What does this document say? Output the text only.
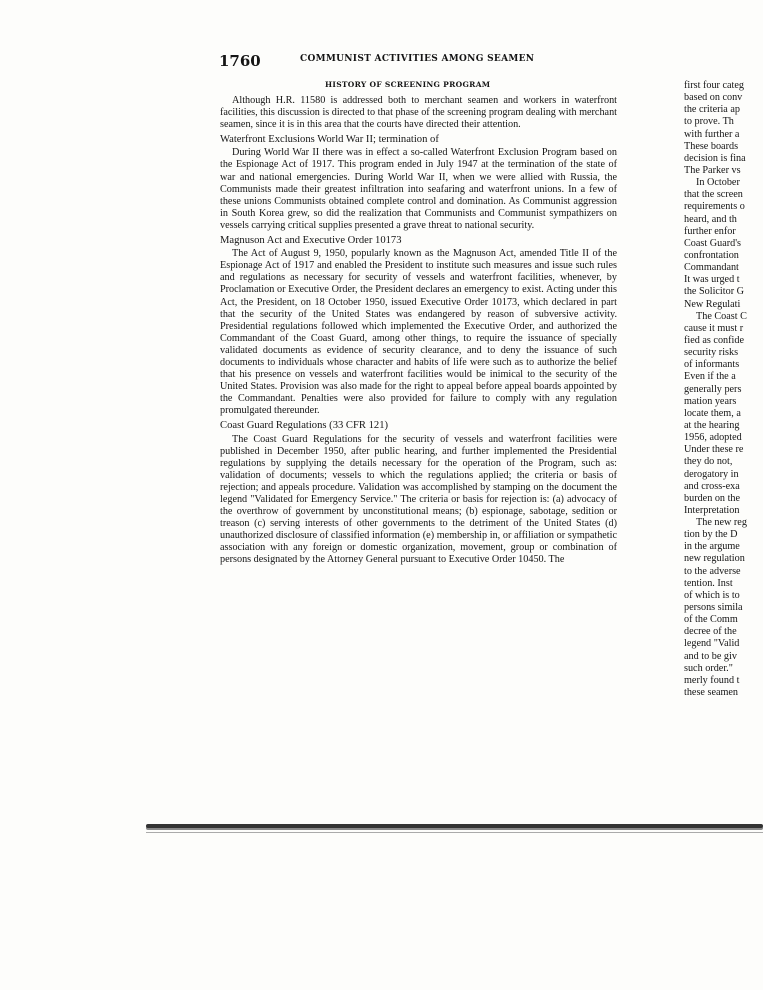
1760	COMMUNIST ACTIVITIES AMONG SEAMEN
HISTORY OF SCREENING PROGRAM

Although H.R. 11580 is addressed both to merchant seamen and workers in waterfront facilities, this discussion is directed to that phase of the screening program dealing with merchant seamen, since it is in this area that the courts have directed their attention.

Waterfront Exclusions World War II; termination of

During World War II there was in effect a so-called Waterfront Exclusion Program based on the Espionage Act of 1917. This program ended in July 1947 at the termination of the state of war and national emergencies. During World War II, when we were allied with Russia, the Communists made their greatest infiltration into seafaring and waterfront unions. In a few of these unions Communists obtained complete control and domination. As Communist aggression in South Korea grew, so did the realization that Communists and Communist sympathizers on vessels carrying critical supplies presented a grave threat to national security.

Magnuson Act and Executive Order 10173

The Act of August 9, 1950, popularly known as the Magnuson Act, amended Title II of the Espionage Act of 1917 and enabled the President to institute such measures and issue such rules and regulations as necessary for security of vessels and waterfront facilities, whenever, by Proclamation or Executive Order, the President declares an emergency to exist. Acting under this Act, the President, on 18 October 1950, issued Executive Order 10173, which declared in part that the security of the United States was endangered by reason of subversive activity. Presidential regulations followed which implemented the Executive Order, and authorized the Commandant of the Coast Guard, among other things, to require the issuance of specially validated documents as evidence of security clearance, and to deny the issuance of such documents to individuals whose character and habits of life were such as to authorize the belief that his presence on vessels and waterfront facilities would be inimical to the security of the United States. Provision was also made for the right to appeal before appeal boards appointed by the Commandant. Penalties were also provided for failure to comply with any regulation promulgated thereunder.

Coast Guard Regulations (33 CFR 121)

The Coast Guard Regulations for the security of vessels and waterfront facilities were published in December 1950, after public hearing, and further implemented the Presidential regulations by supplying the details necessary for the operation of the Program, such as: validation of documents; vessels to which the regulations applied; the criteria or basis of rejection; and appeals procedure. Validation was accomplished by stamping on the document the legend "Validated for Emergency Service." The criteria or basis for rejection is: (a) advocacy of the overthrow of government by unconstitutional means; (b) espionage, sabotage, sedition or treason (c) serving interests of other governments to the detriment of the United States (d) unauthorized disclosure of classified information (e) membership in, or affiliation or sympathetic association with any foreign or domestic organization, movement, group or combination of persons designated by the Attorney General pursuant to Executive Order 10450. The

first four categ
based on conv
the criteria ap
to prove. Th
with further a
These boards
decision is fina
The Parker vs
In October
that the screen
requirements o
heard, and th
further enfor
Coast Guard's
confrontation
Commandant
It was urged t
the Solicitor G
New Regulati
The Coast C
cause it must r
fied as confide
security risks
of informants
Even if the a
generally pers
mation years
locate them, a
at the hearing
1956, adopted
Under these re
they do not,
derogatory in
and cross-exa
burden on the
Interpretation
The new reg
tion by the D
in the argume
new regulation
to the adverse
tention. Inst
of which is to
persons simila
of the Comm
decree of the
legend "Valid
and to be giv
such order."
merly found t
these seamen
